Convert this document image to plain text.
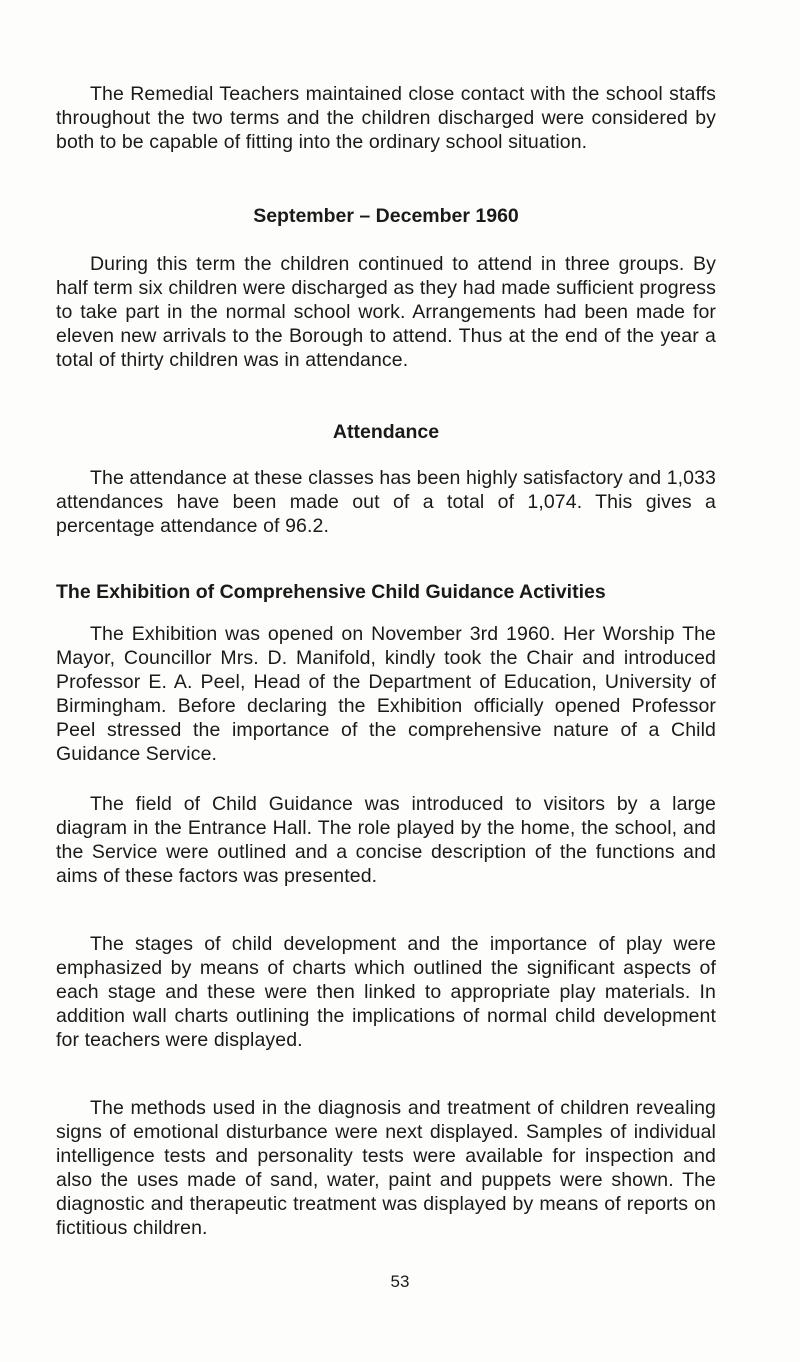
The Remedial Teachers maintained close contact with the school staffs throughout the two terms and the children discharged were considered by both to be capable of fitting into the ordinary school situation.

September – December 1960

During this term the children continued to attend in three groups. By half term six children were discharged as they had made sufficient progress to take part in the normal school work. Arrangements had been made for eleven new arrivals to the Borough to attend. Thus at the end of the year a total of thirty children was in attendance.

Attendance

The attendance at these classes has been highly satisfactory and 1,033 attendances have been made out of a total of 1,074. This gives a percentage attendance of 96.2.

The Exhibition of Comprehensive Child Guidance Activities

The Exhibition was opened on November 3rd 1960. Her Worship The Mayor, Councillor Mrs. D. Manifold, kindly took the Chair and introduced Professor E. A. Peel, Head of the Department of Education, University of Birmingham. Before declaring the Exhibition officially opened Professor Peel stressed the importance of the comprehensive nature of a Child Guidance Service.

The field of Child Guidance was introduced to visitors by a large diagram in the Entrance Hall. The role played by the home, the school, and the Service were outlined and a concise description of the functions and aims of these factors was presented.

The stages of child development and the importance of play were emphasized by means of charts which outlined the significant aspects of each stage and these were then linked to appropriate play materials. In addition wall charts outlining the implications of normal child development for teachers were displayed.

The methods used in the diagnosis and treatment of children revealing signs of emotional disturbance were next displayed. Samples of individual intelligence tests and personality tests were available for inspection and also the uses made of sand, water, paint and puppets were shown. The diagnostic and therapeutic treatment was displayed by means of reports on fictitious children.

53
